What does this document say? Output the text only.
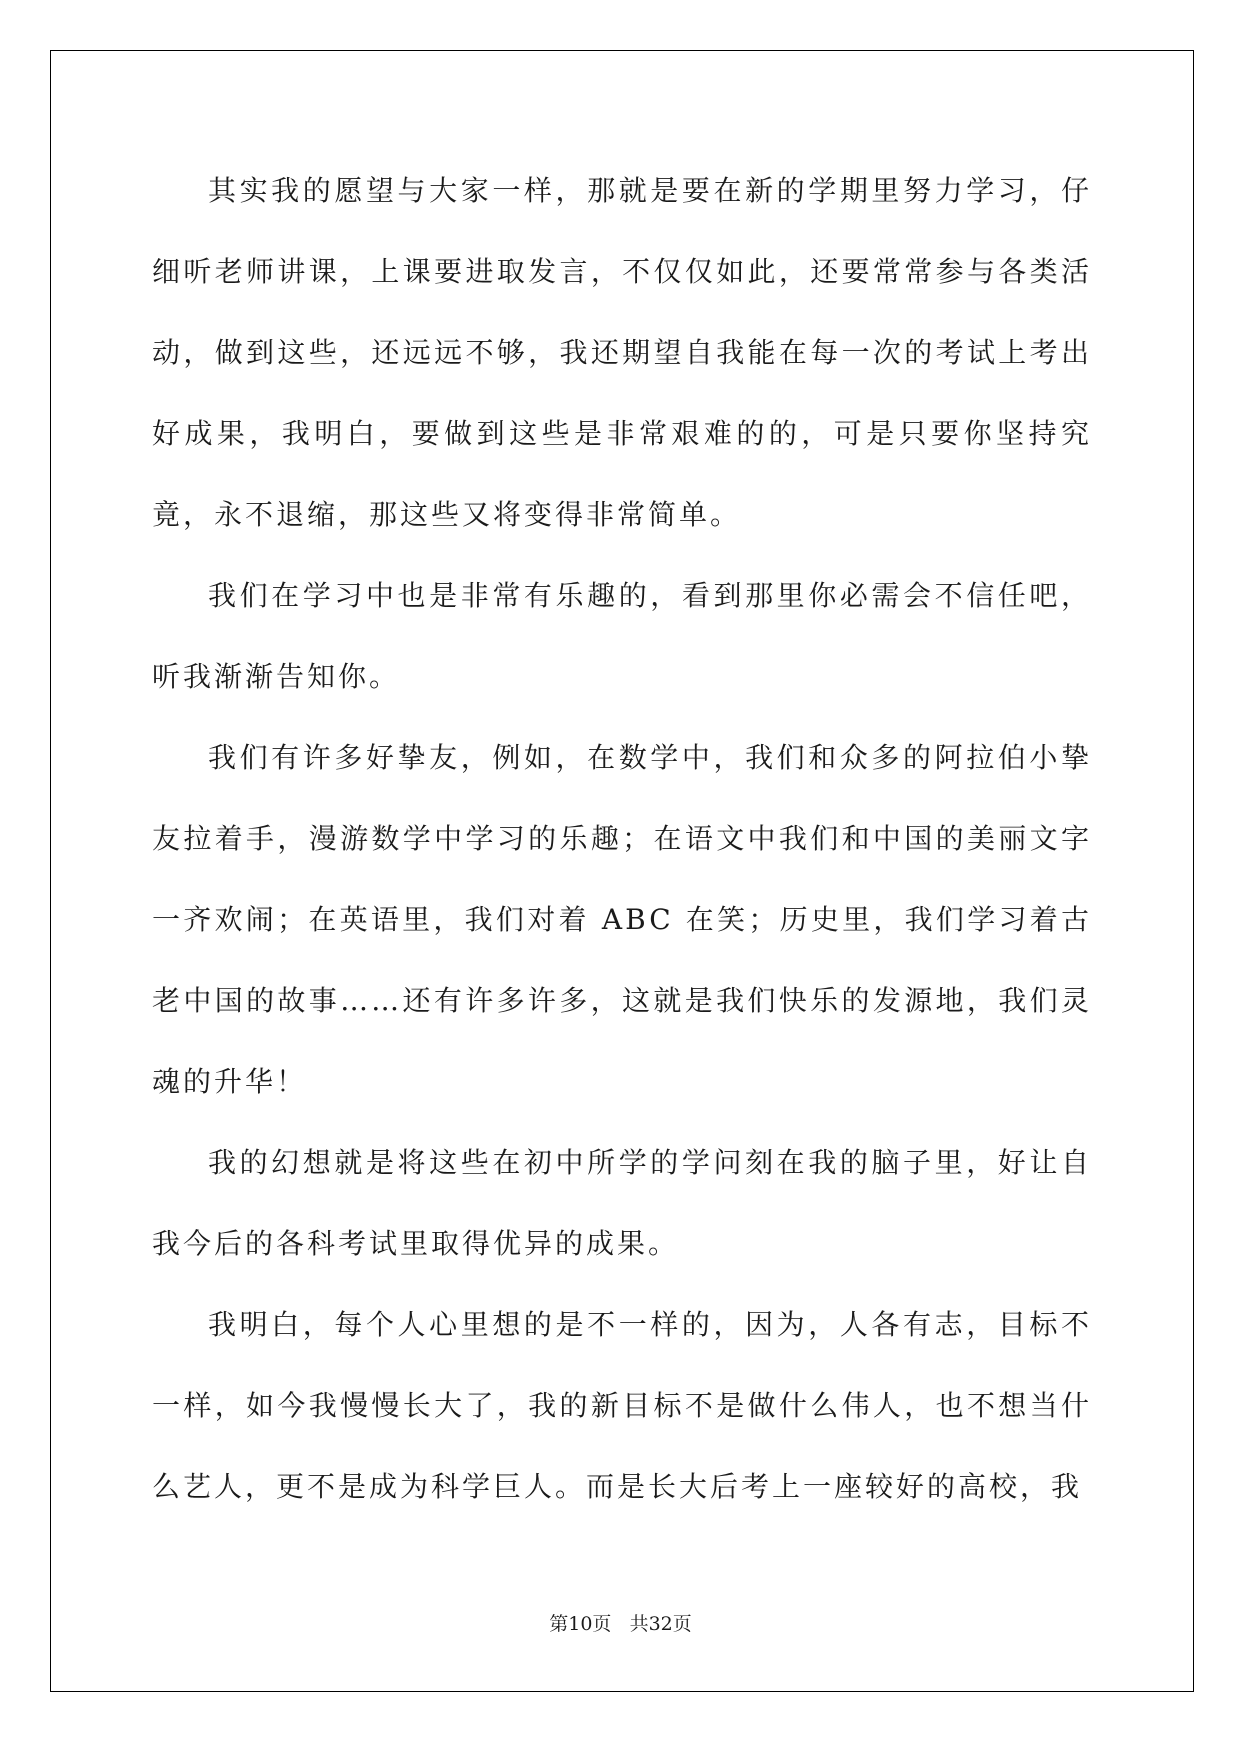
其实我的愿望与大家一样，那就是要在新的学期里努力学习，仔细听老师讲课，上课要进取发言，不仅仅如此，还要常常参与各类活动，做到这些，还远远不够，我还期望自我能在每一次的考试上考出好成果，我明白，要做到这些是非常艰难的的，可是只要你坚持究竟，永不退缩，那这些又将变得非常简单。

我们在学习中也是非常有乐趣的，看到那里你必需会不信任吧，听我渐渐告知你。

我们有许多好挚友，例如，在数学中，我们和众多的阿拉伯小挚友拉着手，漫游数学中学习的乐趣；在语文中我们和中国的美丽文字一齐欢闹；在英语里，我们对着 ABC 在笑；历史里，我们学习着古老中国的故事……还有许多许多，这就是我们快乐的发源地，我们灵魂的升华！

我的幻想就是将这些在初中所学的学问刻在我的脑子里，好让自我今后的各科考试里取得优异的成果。

我明白，每个人心里想的是不一样的，因为，人各有志，目标不一样，如今我慢慢长大了，我的新目标不是做什么伟人，也不想当什么艺人，更不是成为科学巨人。而是长大后考上一座较好的高校，我

第10页 共32页
